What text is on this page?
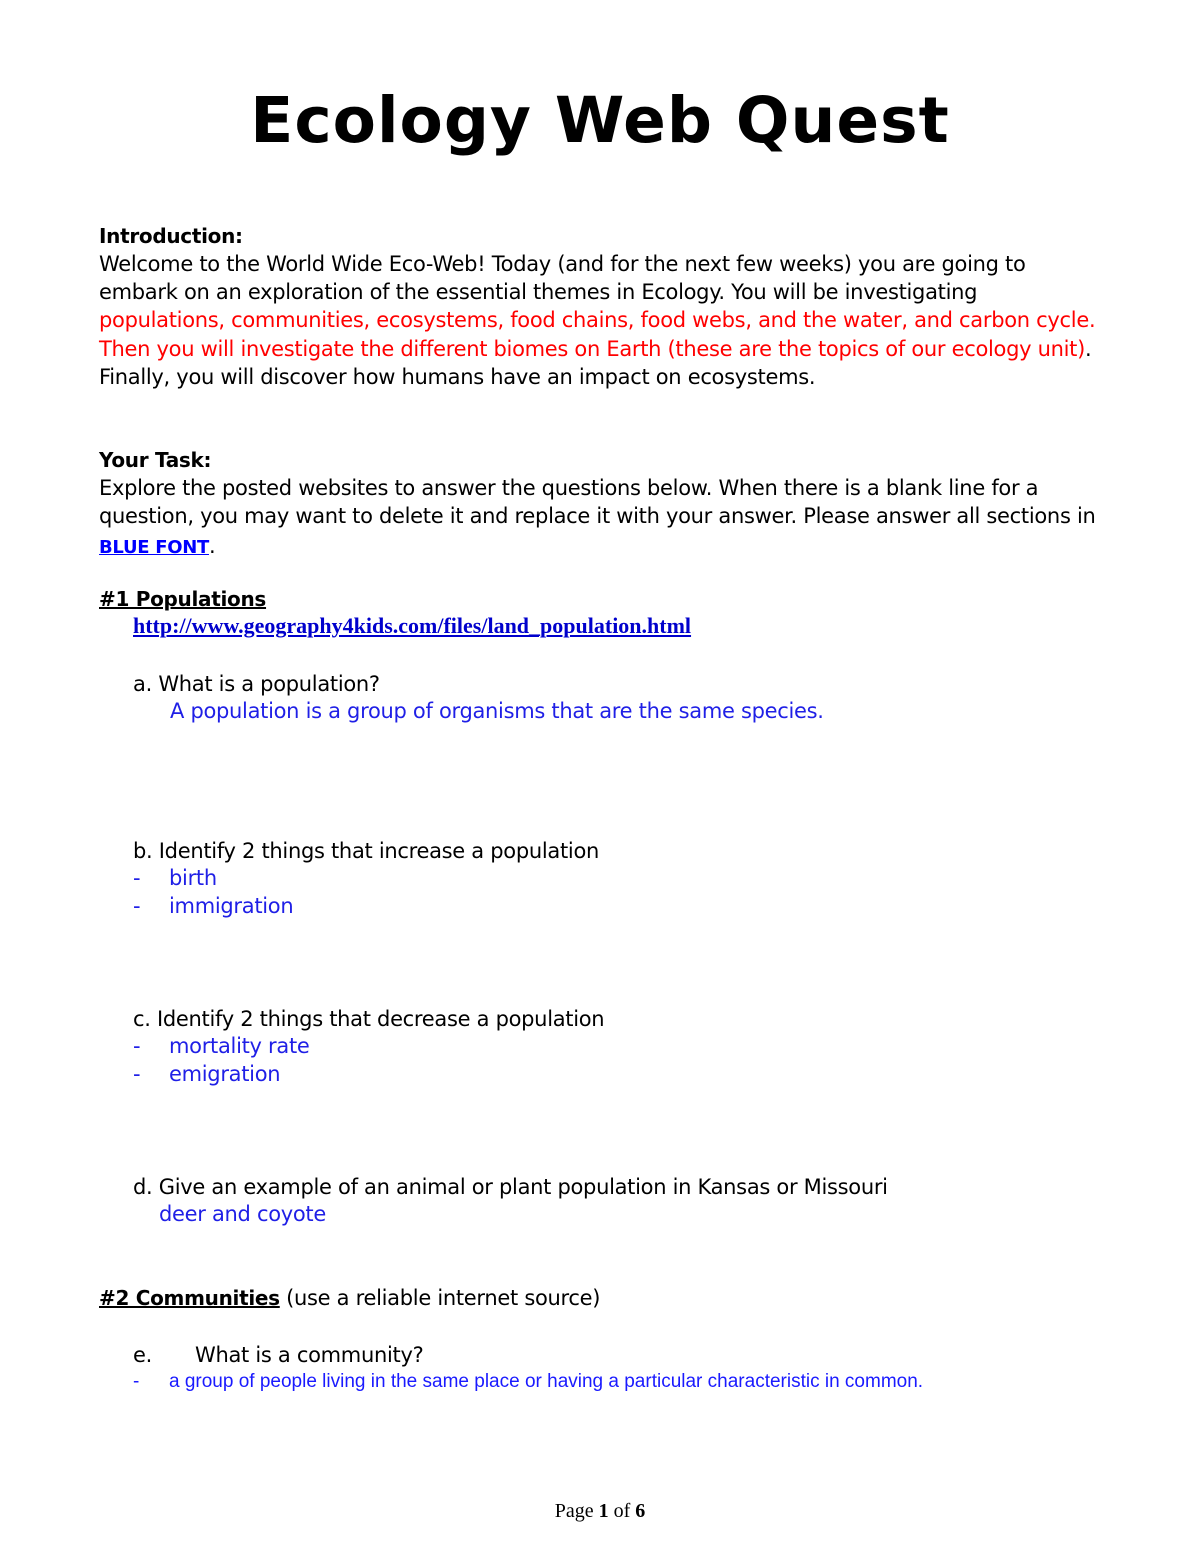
Ecology Web Quest
Introduction:
Welcome to the World Wide Eco-Web! Today (and for the next few weeks) you are going to embark on an exploration of the essential themes in Ecology. You will be investigating populations, communities, ecosystems, food chains, food webs, and the water, and carbon cycle. Then you will investigate the different biomes on Earth (these are the topics of our ecology unit). Finally, you will discover how humans have an impact on ecosystems.
Your Task:
Explore the posted websites to answer the questions below. When there is a blank line for a question, you may want to delete it and replace it with your answer. Please answer all sections in BLUE FONT.
#1 Populations
http://www.geography4kids.com/files/land_population.html
a. What is a population?
A population is a group of organisms that are the same species.
b. Identify 2 things that increase a population
- birth
- immigration
c. Identify 2 things that decrease a population
- mortality rate
- emigration
d. Give an example of an animal or plant population in Kansas or Missouri
deer and coyote
#2 Communities (use a reliable internet source)
e. What is a community?
- a group of people living in the same place or having a particular characteristic in common.
Page 1 of 6
